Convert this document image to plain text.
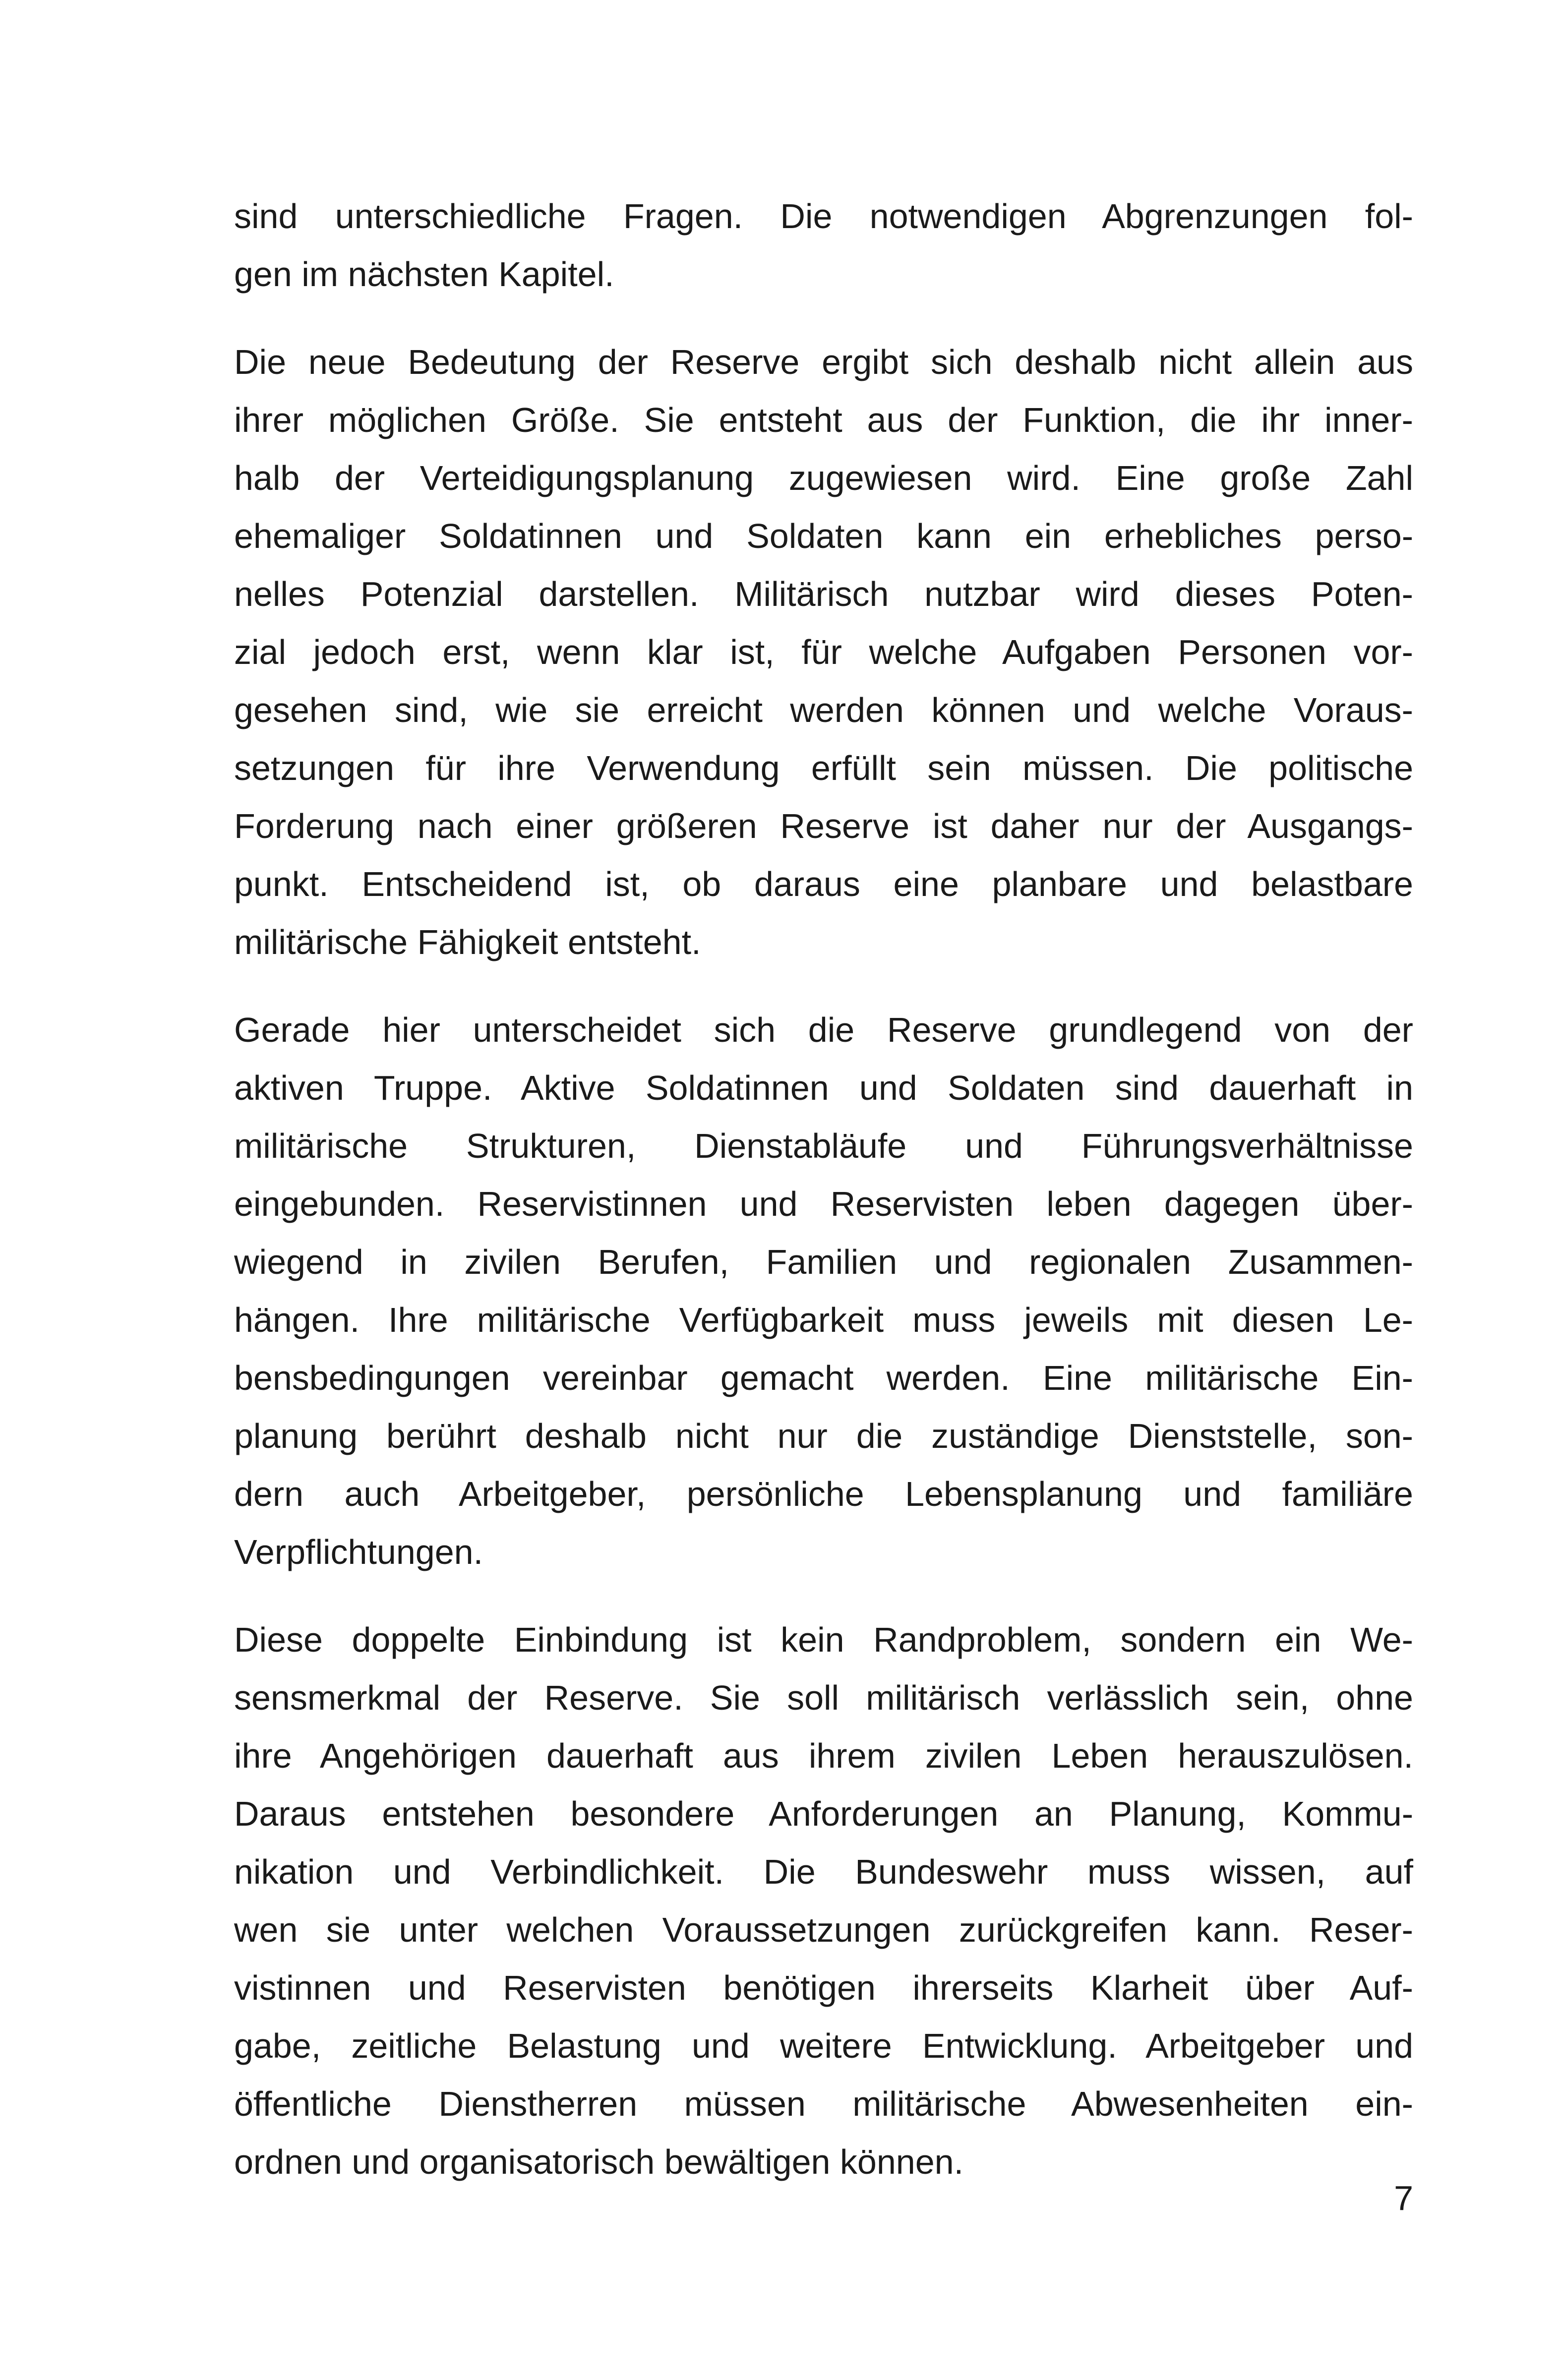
sind unterschiedliche Fragen. Die notwendigen Abgrenzungen fol-
gen im nächsten Kapitel.

Die neue Bedeutung der Reserve ergibt sich deshalb nicht allein aus
ihrer möglichen Größe. Sie entsteht aus der Funktion, die ihr inner-
halb der Verteidigungsplanung zugewiesen wird. Eine große Zahl
ehemaliger Soldatinnen und Soldaten kann ein erhebliches perso-
nelles Potenzial darstellen. Militärisch nutzbar wird dieses Poten-
zial jedoch erst, wenn klar ist, für welche Aufgaben Personen vor-
gesehen sind, wie sie erreicht werden können und welche Voraus-
setzungen für ihre Verwendung erfüllt sein müssen. Die politische
Forderung nach einer größeren Reserve ist daher nur der Ausgangs-
punkt. Entscheidend ist, ob daraus eine planbare und belastbare
militärische Fähigkeit entsteht.

Gerade hier unterscheidet sich die Reserve grundlegend von der
aktiven Truppe. Aktive Soldatinnen und Soldaten sind dauerhaft in
militärische Strukturen, Dienstabläufe und Führungsverhältnisse
eingebunden. Reservistinnen und Reservisten leben dagegen über-
wiegend in zivilen Berufen, Familien und regionalen Zusammen-
hängen. Ihre militärische Verfügbarkeit muss jeweils mit diesen Le-
bensbedingungen vereinbar gemacht werden. Eine militärische Ein-
planung berührt deshalb nicht nur die zuständige Dienststelle, son-
dern auch Arbeitgeber, persönliche Lebensplanung und familiäre
Verpflichtungen.

Diese doppelte Einbindung ist kein Randproblem, sondern ein We-
sensmerkmal der Reserve. Sie soll militärisch verlässlich sein, ohne
ihre Angehörigen dauerhaft aus ihrem zivilen Leben herauszulösen.
Daraus entstehen besondere Anforderungen an Planung, Kommu-
nikation und Verbindlichkeit. Die Bundeswehr muss wissen, auf
wen sie unter welchen Voraussetzungen zurückgreifen kann. Reser-
vistinnen und Reservisten benötigen ihrerseits Klarheit über Auf-
gabe, zeitliche Belastung und weitere Entwicklung. Arbeitgeber und
öffentliche Dienstherren müssen militärische Abwesenheiten ein-
ordnen und organisatorisch bewältigen können.

7
